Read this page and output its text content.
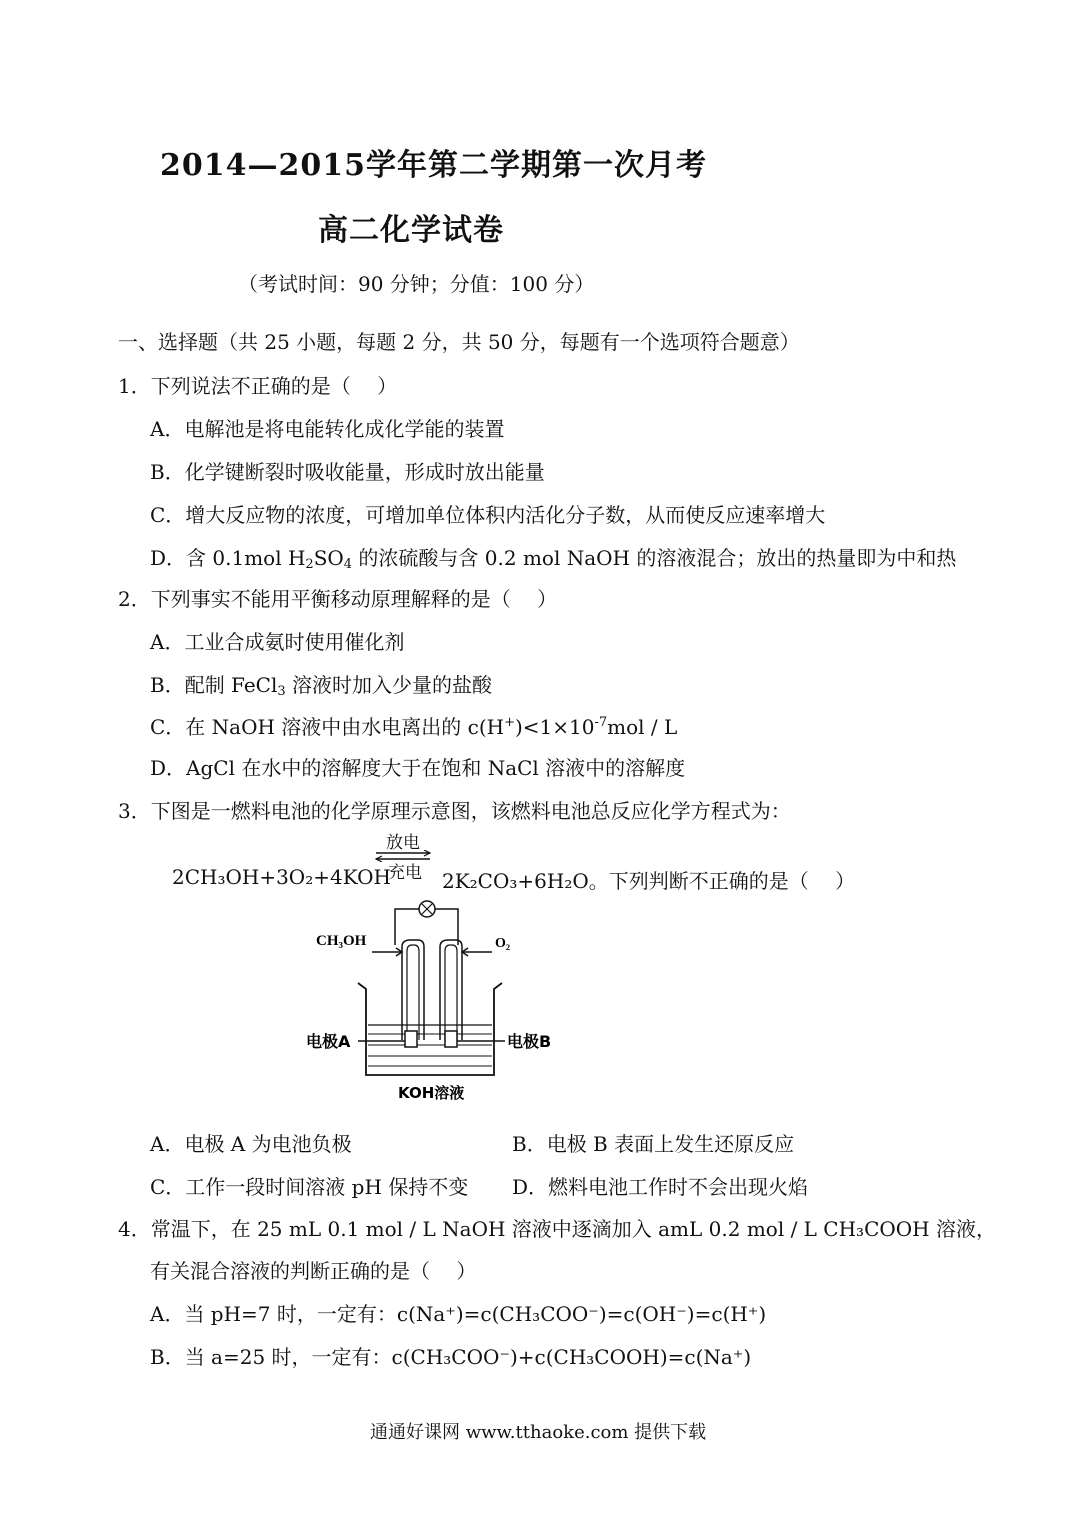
2014—2015学年第二学期第一次月考
高二化学试卷
（考试时间：90 分钟；分值：100 分）
一、选择题（共 25 小题，每题 2 分，共 50 分，每题有一个选项符合题意）
1．下列说法不正确的是（　 ）
A．电解池是将电能转化成化学能的装置
B．化学键断裂时吸收能量，形成时放出能量
C．增大反应物的浓度，可增加单位体积内活化分子数，从而使反应速率增大
D．含 0.1mol $H_2SO_4$ 的浓硫酸与含 0.2 mol NaOH 的溶液混合；放出的热量即为中和热
2．下列事实不能用平衡移动原理解释的是（　 ）
A．工业合成氨时使用催化剂
B．配制 FeCl$_3$ 溶液时加入少量的盐酸
C．在 NaOH 溶液中由水电离出的 $c(H^+)<1\times 10^{-7}mol / L$
D．AgCl 在水中的溶解度大于在饱和 NaCl 溶液中的溶解度
3．下图是一燃料电池的化学原理示意图，该燃料电池总反应化学方程式为：
放电
充电
2CH₃OH+3O₂+4KOH	2K₂CO₃+6H₂O。下列判断不正确的是（　 ）
CH₃OH	O₂
电极A	电极B
KOH溶液
A．电极 A 为电池负极	B．电极 B 表面上发生还原反应
C．工作一段时间溶液 pH 保持不变 D．燃料电池工作时不会出现火焰
4．常温下，在 25 mL 0.1 mol / L NaOH 溶液中逐滴加入 amL 0.2 mol / L CH₃COOH 溶液，
有关混合溶液的判断正确的是（　 ）
A．当 pH=7 时，一定有：c(Na⁺)=c(CH₃COO⁻)=c(OH⁻)=c(H⁺)
B．当 a=25 时，一定有：c(CH₃COO⁻)+c(CH₃COOH)=c(Na⁺)
通通好课网 www.tthaoke.com 提供下载
